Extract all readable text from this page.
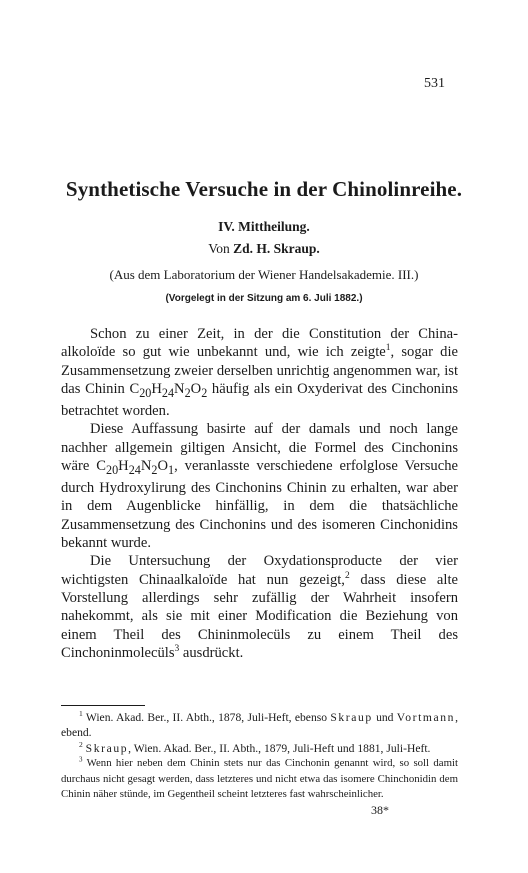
531
Synthetische Versuche in der Chinolinreihe.
IV. Mittheilung.
Von Zd. H. Skraup.
(Aus dem Laboratorium der Wiener Handelsakademie. III.)
(Vorgelegt in der Sitzung am 6. Juli 1882.)

Schon zu einer Zeit, in der die Constitution der China-alkoloïde so gut wie unbekannt und, wie ich zeigte$^1$, sogar die Zusammensetzung zweier derselben unrichtig angenommen war, ist das Chinin $C_{20}H_{24}N_2O_2$ häufig als ein Oxyderivat des Cinchonins betrachtet worden.

Diese Auffassung basirte auf der damals und noch lange nachher allgemein giltigen Ansicht, die Formel des Cinchonins wäre $C_{20}H_{24}N_2O_1$, veranlasste verschiedene erfolglose Versuche durch Hydroxylirung des Cinchonins Chinin zu erhalten, war aber in dem Augenblicke hinfällig, in dem die thatsächliche Zusammensetzung des Cinchonins und des isomeren Cinchonidins bekannt wurde.

Die Untersuchung der Oxydationsproducte der vier wichtigsten Chinaalkaloïde hat nun gezeigt,$^2$ dass diese alte Vorstellung allerdings sehr zufällig der Wahrheit insofern nahekommt, als sie mit einer Modification die Beziehung von einem Theil des Chininmolecüls zu einem Theil des Cinchoninmolecüls$^3$ ausdrückt.

$^1$ Wien. Akad. Ber., II. Abth., 1878, Juli-Heft, ebenso Skraup und Vortmann, ebend.

$^2$ Skraup, Wien. Akad. Ber., II. Abth., 1879, Juli-Heft und 1881, Juli-Heft.

$^3$ Wenn hier neben dem Chinin stets nur das Cinchonin genannt wird, so soll damit durchaus nicht gesagt werden, dass letzteres und nicht etwa das isomere Chinchonidin dem Chinin näher stünde, im Gegentheil scheint letzteres fast wahrscheinlicher.

38*
